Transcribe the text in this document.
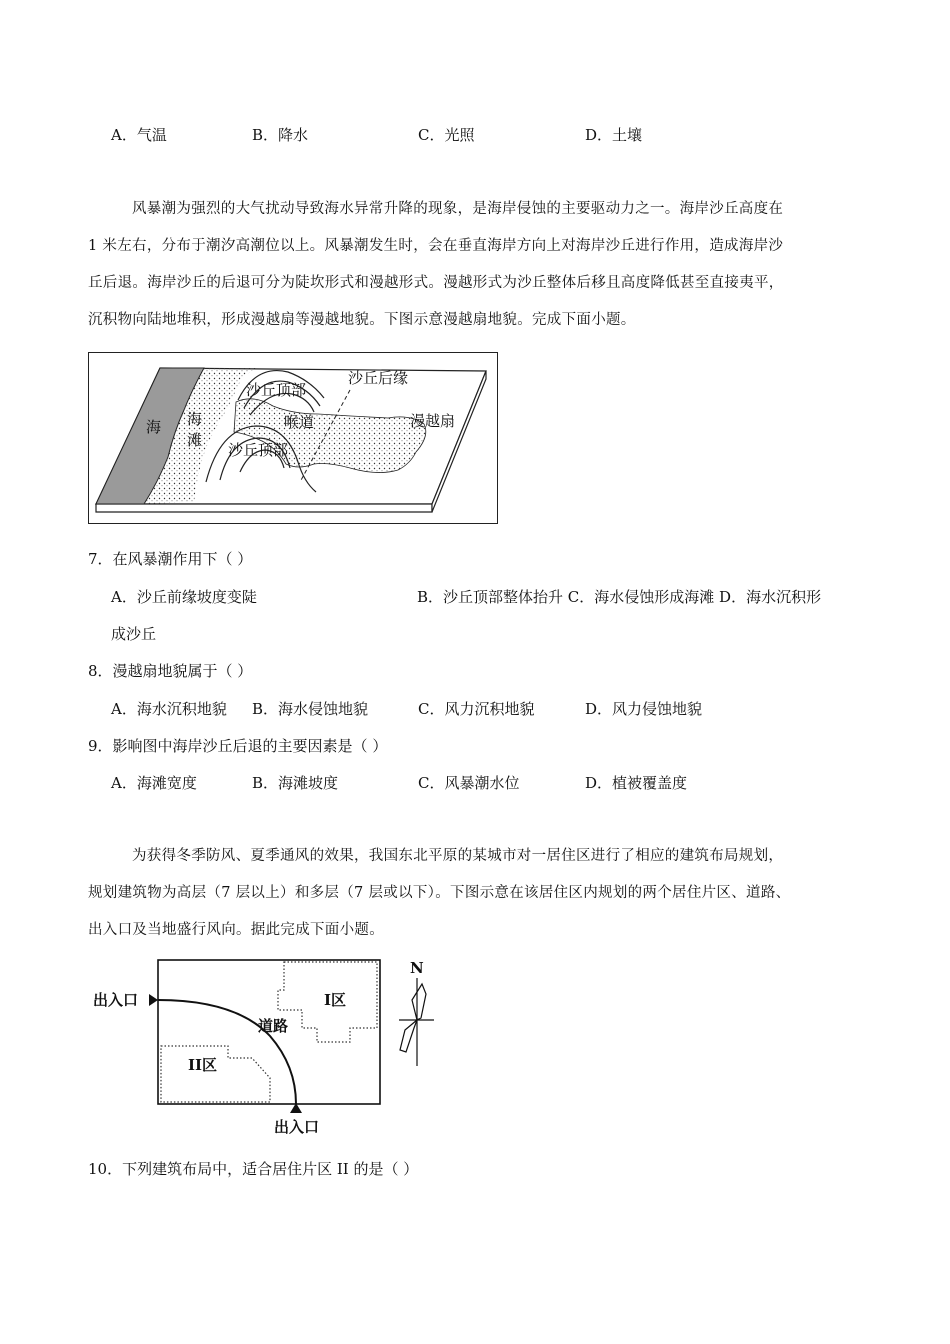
A．气温	B．降水	C．光照	D．土壤

风暴潮为强烈的大气扰动导致海水异常升降的现象，是海岸侵蚀的主要驱动力之一。海岸沙丘高度在

1 米左右，分布于潮汐高潮位以上。风暴潮发生时，会在垂直海岸方向上对海岸沙丘进行作用，造成海岸沙

丘后退。海岸沙丘的后退可分为陡坎形式和漫越形式。漫越形式为沙丘整体后移且高度降低甚至直接夷平，

沉积物向陆地堆积，形成漫越扇等漫越地貌。下图示意漫越扇地貌。完成下面小题。

海 海
滩
沙丘顶部
沙丘后缘
喉道	漫越扇
沙丘顶部
7．在风暴潮作用下（ ）
A．沙丘前缘坡度变陡	B．沙丘顶部整体抬升 C．海水侵蚀形成海滩 D．海水沉积形
成沙丘
8．漫越扇地貌属于（ ）
A．海水沉积地貌 B．海水侵蚀地貌	C．风力沉积地貌	D．风力侵蚀地貌
9．影响图中海岸沙丘后退的主要因素是（ ）
A．海滩宽度	B．海滩坡度	C．风暴潮水位	D．植被覆盖度

为获得冬季防风、夏季通风的效果，我国东北平原的某城市对一居住区进行了相应的建筑布局规划，

规划建筑物为高层（7 层以上）和多层（7 层或以下）。下图示意在该居住区内规划的两个居住片区、道路、

出入口及当地盛行风向。据此完成下面小题。

出入口
出入口
道路
I区
II区
N
10．下列建筑布局中，适合居住片区 II 的是（ ）
